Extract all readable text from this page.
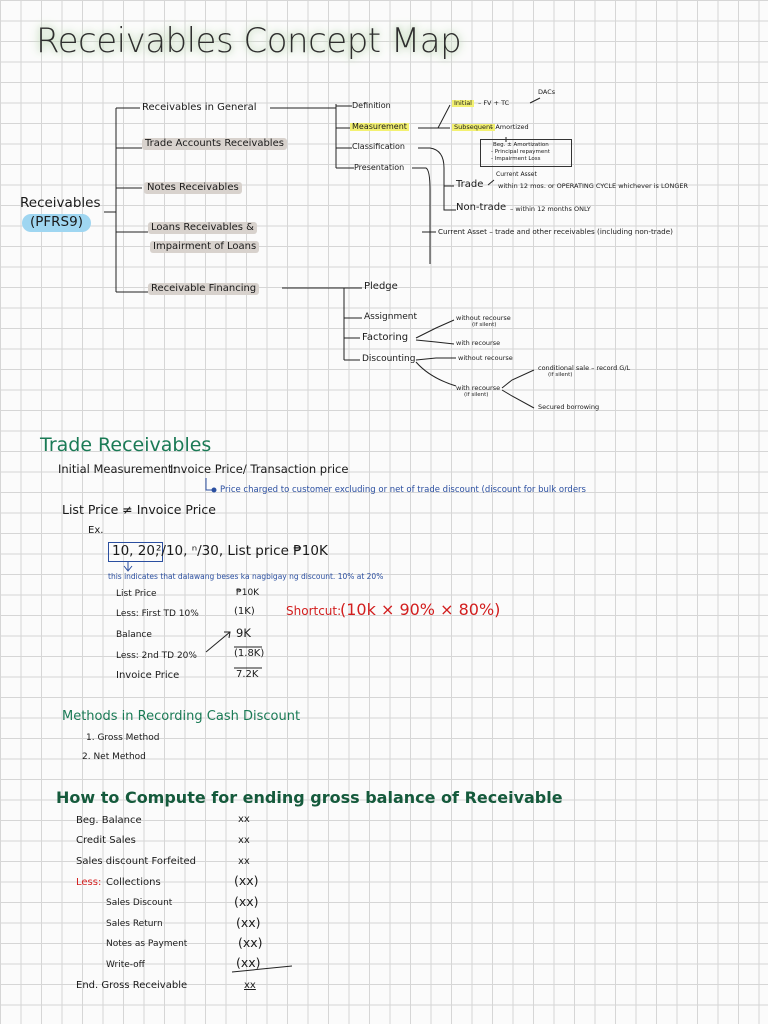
Receivables Concept Map
Receivables
(PFRS9)
Receivables in General
Trade Accounts Receivables
Notes Receivables
Loans Receivables &
Impairment of Loans
Receivable Financing
Definition
Measurement
Classification
Presentation
Initial – FV + TC
DACs
Subsequent
– Amortized
Beg. ± Amortization
- Principal repayment
- Impairment Loss
Current Asset
Trade within 12 mos. or OPERATING CYCLE whichever is LONGER
Non-trade – within 12 months ONLY
Current Asset – trade and other receivables (including non-trade)
Pledge
Assignment
Factoring
Discounting
without recourse
(if silent)
with recourse
without recourse
with recourse
(if silent)
conditional sale – record G/L
(if silent)
Secured borrowing
Trade Receivables
Initial Measurement:
Invoice Price/ Transaction price
Price charged to customer excluding or net of trade discount (discount for bulk orders
List Price ≠ Invoice Price
Ex.
10, 20,
²/10, ⁿ/30, List price ₱10K
this indicates that dalawang beses ka nagbigay ng discount. 10% at 20%
List Price
Less: First TD 10%
Balance
Less: 2nd TD 20%
Invoice Price
₱10K
(1K)
9K
(1.8K)
7.2K
Shortcut:
(10k × 90% × 80%)
Methods in Recording Cash Discount
1. Gross Method
2. Net Method
How to Compute for ending gross balance of Receivable
Beg. Balance
Credit Sales
Sales discount Forfeited
Less: Collections
Sales Discount
Sales Return
Notes as Payment
Write-off
End. Gross Receivable
xx
xx
xx
(xx)
(xx)
(xx)
(xx)
(xx)
xx
